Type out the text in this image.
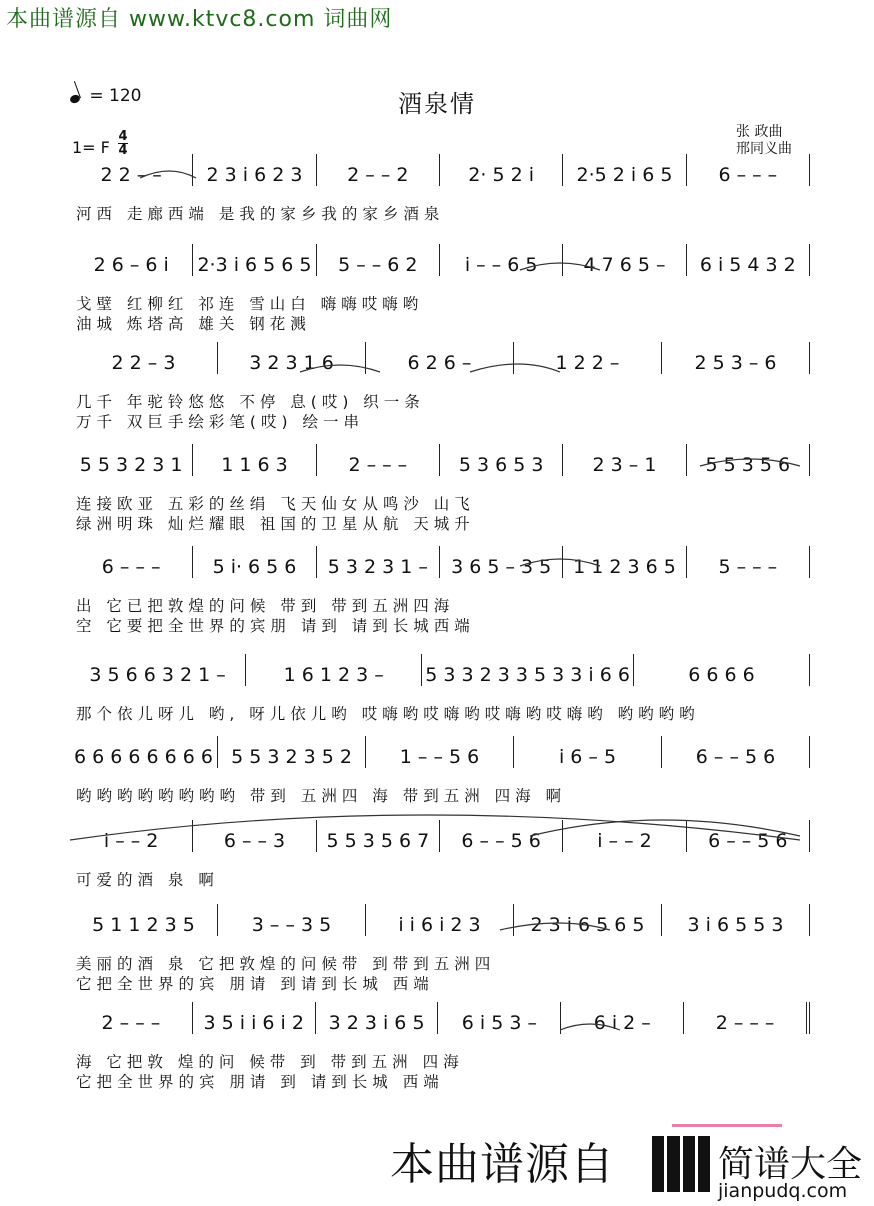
本曲谱源自 www.ktvc8.com 词曲网
= 120	酒泉情
1= F
4
4
张 政曲
邢同义曲
2 2 – –	2 3 i 6 2 3	2 – – 2	2· 5 2 i	2·5 2 i 6 5	6 – – –
河西 走廊西端 是我的家乡我的家乡酒泉
2 6 – 6 i	2·3 i 6 5 6 5	5 – – 6 2	i – – 6 5	4 7 6 5 –	6 i 5 4 3 2
戈壁 红柳红 祁连 雪山白 嗨嗨哎嗨哟
油城 炼塔高 雄关 钢花溅
2 2 – 3	3 2 3 1 6	6 2 6 –	1 2 2 –	2 5 3 – 6
几千 年驼铃悠悠 不停 息(哎) 织一条
万千 双巨手绘彩笔(哎) 绘一串
5 5 3 2 3 1	1 1 6 3	2 – – –	5 3 6 5 3	2 3 – 1	5 5 3 5 6
连接欧亚 五彩的丝绢 飞天仙女从鸣沙 山飞
绿洲明珠 灿烂耀眼 祖国的卫星从航 天城升
6 – – –	5 i· 6 5 6	5 3 2 3 1 –	3 6 5 – 3 5	1 1 2 3 6 5	5 – – –
出 它已把敦煌的问候 带到 带到五洲四海
空 它要把全世界的宾朋 请到 请到长城西端
3 5 6 6 3 2 1 –	1 6 1 2 3 –	5 3 3 2 3 3 5 3 3 i 6 6	6 6 6 6
那个依儿呀儿 哟, 呀儿依儿哟 哎嗨哟哎嗨哟哎嗨哟哎嗨哟 哟哟哟哟
6 6 6 6 6 6 6 6 5 5 3 2 3 5 2	1 – – 5 6	i 6 – 5	6 – – 5 6
哟哟哟哟哟哟哟哟 带到 五洲四 海 带到五洲 四海 啊
i – – 2	6 – – 3	5 5 3 5 6 7	6 – – 5 6	i – – 2	6 – – 5 6
可爱的酒 泉 啊
5 1 1 2 3 5	3 – – 3 5	i i 6 i 2 3	2 3 i 6 5 6 5	3 i 6 5 5 3
美丽的酒 泉 它把敦煌的问候带 到带到五洲四
它把全世界的宾 朋请 到请到长城 西端
2 – – –	3 5 i i 6 i 2	3 2 3 i 6 5	6 i 5 3 –	6 i 2 –	2 – – –
海 它把敦 煌的问 候带 到 带到五洲 四海
它把全世界的宾 朋请 到 请到长城 西端
本曲谱源自	简谱大全
jianpudq.com
